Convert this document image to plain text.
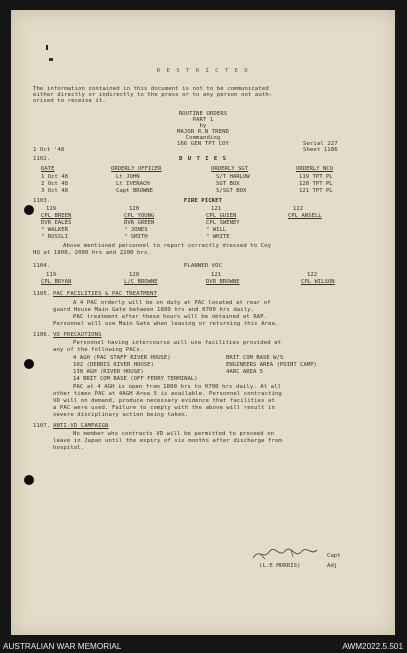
R E S T R I C T E D
The information contained in this document is not to be communicated
either directly or indirectly to the press or to any person not auth-
orised to receive it.
ROUTINE ORDERS
PART 1
by
MAJOR R.N TREND
Commanding
166 GEN TPT COY
1 Oct '48
Serial 227
Sheet 1186
1102.	D U T I E S
DATE	ORDERLY OFFICER	ORDERLY SGT	ORDERLY NCO
1 Oct 48	Lt JOHN	S/T HARLOW	119 TPT PL
2 Oct 48	Lt IVERACH	SGT BOX	120 TPT PL
3 Oct 48	Capt BROWNE	S/SGT BOX	121 TPT PL
1103.	FIRE PICKET
119	120	121	122
CPL BREEN	CPL YOUNG	CPL GUIEN	CPL ANSELL
DVR EALES	DVR GREEN	CPL SWENEY
" WALKER	" JONES	" WILL
" ROSSLI	" SMITH	" WHITE
Above mentioned personnel to report correctly dressed to Coy
HQ at 1800, 2000 hrs and 2200 hrs.
1104.	PLANNED VOC
119	120	121	122
CPL BRYAN	L/C BROWNE	DVR BROWNE	CPL WILSON
1105. PAC FACILITIES & PAC TREATMENT
A 4 PAC orderly will be on duty at PAC located at rear of
guard House Main Gate between 1800 hrs and 0700 hrs daily.
PAC treatment after these hours will be obtained at RAP.
Personnel will use Main Gate when leaving or returning this Area.
1106. VD PRECAUTIONS
Personnel having intercourse will use facilities provided at
any of the following PACs.
4 AGH (PAC STAFF RIVER HOUSE)	BRIT COM BASE W/S
102 (DEBRIS RIVER HOUSE)	ENGINEERS AREA (POINT CAMP)
130 AGH (RIVER HOUSE)	4ARC AREA 5
14 BRIT COM BASE (OFF FERRY TERMINAL)
PAC at 4 AGH is open from 1800 hrs to 0700 hrs daily. At all
other times PAC at 4AGH Area 5 is available. Personnel contracting
VD will on demand, produce necessary evidence that facilities at
a PAC were used. Failure to comply with the above will result in
severe disciplinary action being taken.
1107. ANTI-VD CAMPAIGN
No member who contracts VD will be permitted to proceed on
leave in Japan until the expiry of six months after discharge from
hospital.
Capt
(L.E MORRIS)	Adj
AUSTRALIAN WAR MEMORIAL	AWM2022.5.501
